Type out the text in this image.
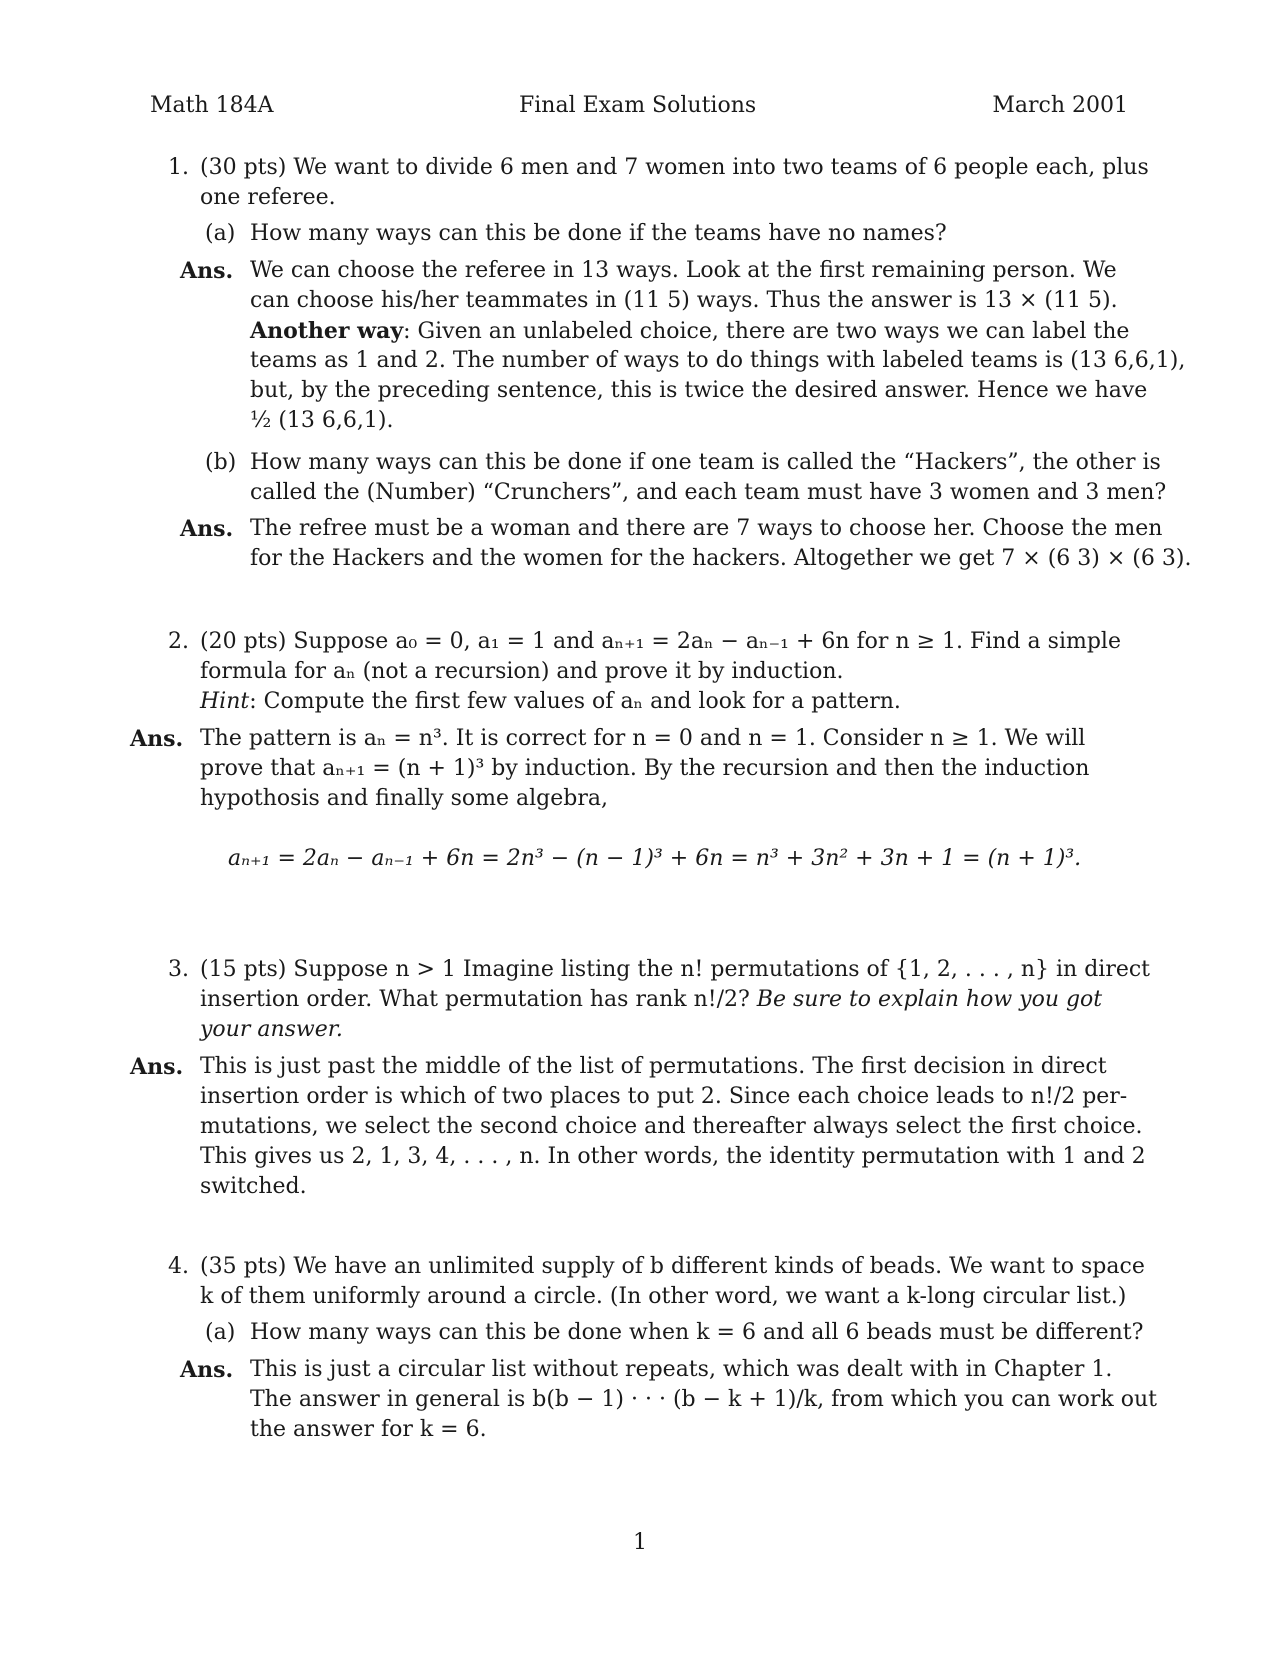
Math 184A	Final Exam Solutions	March 2001
1. (30 pts) We want to divide 6 men and 7 women into two teams of 6 people each, plus
one referee.
(a) How many ways can this be done if the teams have no names?
Ans. We can choose the referee in 13 ways. Look at the first remaining person. We
can choose his/her teammates in (11 5) ways. Thus the answer is 13 × (11 5).
Another way: Given an unlabeled choice, there are two ways we can label the
teams as 1 and 2. The number of ways to do things with labeled teams is (13 6,6,1),
but, by the preceding sentence, this is twice the desired answer. Hence we have
½ (13 6,6,1).
(b) How many ways can this be done if one team is called the “Hackers”, the other is
called the (Number) “Crunchers”, and each team must have 3 women and 3 men?
Ans. The refree must be a woman and there are 7 ways to choose her. Choose the men
for the Hackers and the women for the hackers. Altogether we get 7 × (6 3) × (6 3).
2. (20 pts) Suppose a₀ = 0, a₁ = 1 and aₙ₊₁ = 2aₙ − aₙ₋₁ + 6n for n ≥ 1. Find a simple
formula for aₙ (not a recursion) and prove it by induction.
Hint: Compute the first few values of aₙ and look for a pattern.
Ans. The pattern is aₙ = n³. It is correct for n = 0 and n = 1. Consider n ≥ 1. We will
prove that aₙ₊₁ = (n + 1)³ by induction. By the recursion and then the induction
hypothosis and finally some algebra,
aₙ₊₁ = 2aₙ − aₙ₋₁ + 6n = 2n³ − (n − 1)³ + 6n = n³ + 3n² + 3n + 1 = (n + 1)³.
3. (15 pts) Suppose n > 1 Imagine listing the n! permutations of {1, 2, . . . , n} in direct
insertion order. What permutation has rank n!/2? Be sure to explain how you got
your answer.
Ans. This is just past the middle of the list of permutations. The first decision in direct
insertion order is which of two places to put 2. Since each choice leads to n!/2 per-
mutations, we select the second choice and thereafter always select the first choice.
This gives us 2, 1, 3, 4, . . . , n. In other words, the identity permutation with 1 and 2
switched.
4. (35 pts) We have an unlimited supply of b different kinds of beads. We want to space
k of them uniformly around a circle. (In other word, we want a k-long circular list.)
(a) How many ways can this be done when k = 6 and all 6 beads must be different?
Ans. This is just a circular list without repeats, which was dealt with in Chapter 1.
The answer in general is b(b − 1) · · · (b − k + 1)/k, from which you can work out
the answer for k = 6.
1
